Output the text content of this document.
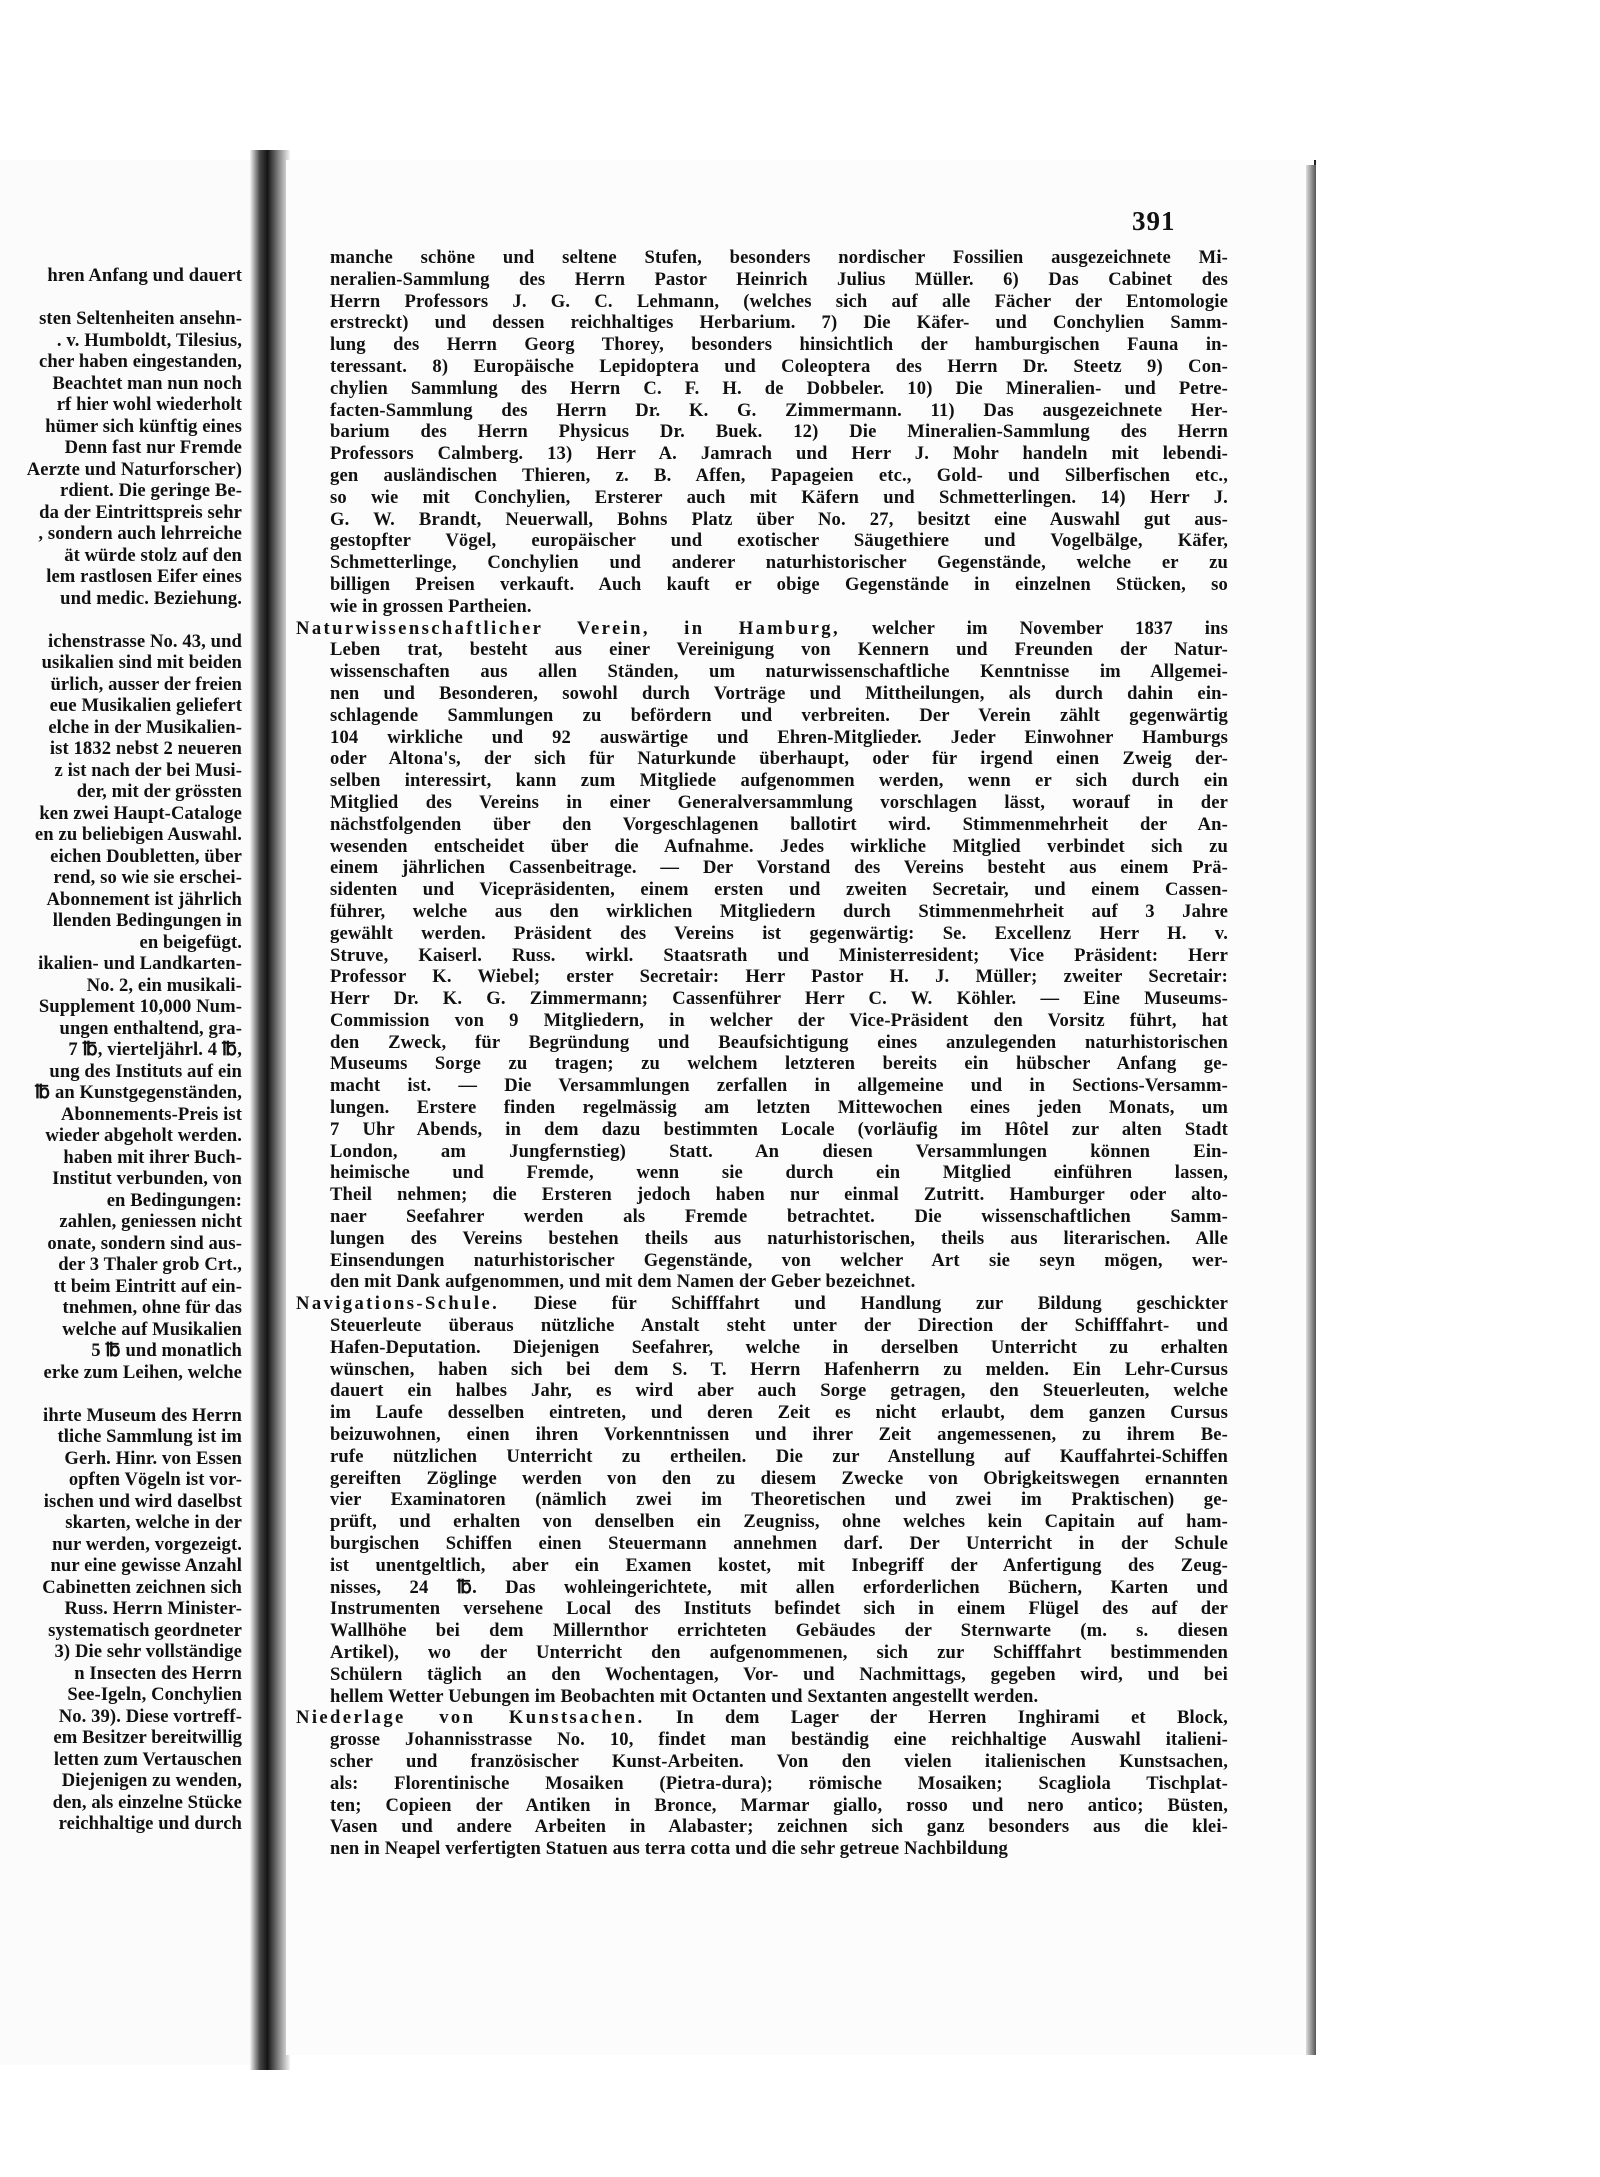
hren Anfang und dauert

sten Seltenheiten ansehn-
. v. Humboldt, Tilesius,
cher haben eingestanden,
Beachtet man nun noch
rf hier wohl wiederholt
hümer sich künftig eines
Denn fast nur Fremde
Aerzte und Naturforscher)
rdient. Die geringe Be-
da der Eintrittspreis sehr
, sondern auch lehrreiche
ät würde stolz auf den
lem rastlosen Eifer eines
und medic. Beziehung.

ichenstrasse No. 43, und
usikalien sind mit beiden
ürlich, ausser der freien
eue Musikalien geliefert
elche in der Musikalien-
ist 1832 nebst 2 neueren
z ist nach der bei Musi-
der, mit der grössten
ken zwei Haupt-Cataloge
en zu beliebigen Auswahl.
eichen Doubletten, über
rend, so wie sie erschei-
Abonnement ist jährlich
llenden Bedingungen in
en beigefügt.
ikalien- und Landkarten-
No. 2, ein musikali-
Supplement 10,000 Num-
ungen enthaltend, gra-
7 ℔, vierteljährl. 4 ℔,
ung des Instituts auf ein
℔ an Kunstgegenständen,
Abonnements-Preis ist
wieder abgeholt werden.
haben mit ihrer Buch-
Institut verbunden, von
en Bedingungen:
zahlen, geniessen nicht
onate, sondern sind aus-
der 3 Thaler grob Crt.,
tt beim Eintritt auf ein-
tnehmen, ohne für das
welche auf Musikalien
5 ℔ und monatlich
erke zum Leihen, welche

ihrte Museum des Herrn
tliche Sammlung ist im
Gerh. Hinr. von Essen
opften Vögeln ist vor-
ischen und wird daselbst
skarten, welche in der
nur werden, vorgezeigt.
nur eine gewisse Anzahl
Cabinetten zeichnen sich
Russ. Herrn Minister-
systematisch geordneter
3) Die sehr vollständige
n Insecten des Herrn
See-Igeln, Conchylien
No. 39). Diese vortreff-
em Besitzer bereitwillig
letten zum Vertauschen
Diejenigen zu wenden,
den, als einzelne Stücke
reichhaltige und durch
391
manche schöne und seltene Stufen, besonders nordischer Fossilien ausgezeichnete Mi-
neralien-Sammlung des Herrn Pastor Heinrich Julius Müller. 6) Das Cabinet des
Herrn Professors J. G. C. Lehmann, (welches sich auf alle Fächer der Entomologie
erstreckt) und dessen reichhaltiges Herbarium. 7) Die Käfer- und Conchylien Samm-
lung des Herrn Georg Thorey, besonders hinsichtlich der hamburgischen Fauna in-
teressant. 8) Europäische Lepidoptera und Coleoptera des Herrn Dr. Steetz 9) Con-
chylien Sammlung des Herrn C. F. H. de Dobbeler. 10) Die Mineralien- und Petre-
facten-Sammlung des Herrn Dr. K. G. Zimmermann. 11) Das ausgezeichnete Her-
barium des Herrn Physicus Dr. Buek. 12) Die Mineralien-Sammlung des Herrn
Professors Calmberg. 13) Herr A. Jamrach und Herr J. Mohr handeln mit lebendi-
gen ausländischen Thieren, z. B. Affen, Papageien etc., Gold- und Silberfischen etc.,
so wie mit Conchylien, Ersterer auch mit Käfern und Schmetterlingen. 14) Herr J.
G. W. Brandt, Neuerwall, Bohns Platz über No. 27, besitzt eine Auswahl gut aus-
gestopfter Vögel, europäischer und exotischer Säugethiere und Vogelbälge, Käfer,
Schmetterlinge, Conchylien und anderer naturhistorischer Gegenstände, welche er zu
billigen Preisen verkauft. Auch kauft er obige Gegenstände in einzelnen Stücken, so
wie in grossen Partheien.
Naturwissenschaftlicher Verein, in Hamburg, welcher im November 1837 ins
Leben trat, besteht aus einer Vereinigung von Kennern und Freunden der Natur-
wissenschaften aus allen Ständen, um naturwissenschaftliche Kenntnisse im Allgemei-
nen und Besonderen, sowohl durch Vorträge und Mittheilungen, als durch dahin ein-
schlagende Sammlungen zu befördern und verbreiten. Der Verein zählt gegenwärtig
104 wirkliche und 92 auswärtige und Ehren-Mitglieder. Jeder Einwohner Hamburgs
oder Altona's, der sich für Naturkunde überhaupt, oder für irgend einen Zweig der-
selben interessirt, kann zum Mitgliede aufgenommen werden, wenn er sich durch ein
Mitglied des Vereins in einer Generalversammlung vorschlagen lässt, worauf in der
nächstfolgenden über den Vorgeschlagenen ballotirt wird. Stimmenmehrheit der An-
wesenden entscheidet über die Aufnahme. Jedes wirkliche Mitglied verbindet sich zu
einem jährlichen Cassenbeitrage. — Der Vorstand des Vereins besteht aus einem Prä-
sidenten und Vicepräsidenten, einem ersten und zweiten Secretair, und einem Cassen-
führer, welche aus den wirklichen Mitgliedern durch Stimmenmehrheit auf 3 Jahre
gewählt werden. Präsident des Vereins ist gegenwärtig: Se. Excellenz Herr H. v.
Struve, Kaiserl. Russ. wirkl. Staatsrath und Ministerresident; Vice Präsident: Herr
Professor K. Wiebel; erster Secretair: Herr Pastor H. J. Müller; zweiter Secretair:
Herr Dr. K. G. Zimmermann; Cassenführer Herr C. W. Köhler. — Eine Museums-
Commission von 9 Mitgliedern, in welcher der Vice-Präsident den Vorsitz führt, hat
den Zweck, für Begründung und Beaufsichtigung eines anzulegenden naturhistorischen
Museums Sorge zu tragen; zu welchem letzteren bereits ein hübscher Anfang ge-
macht ist. — Die Versammlungen zerfallen in allgemeine und in Sections-Versamm-
lungen. Erstere finden regelmässig am letzten Mittewochen eines jeden Monats, um
7 Uhr Abends, in dem dazu bestimmten Locale (vorläufig im Hôtel zur alten Stadt
London, am Jungfernstieg) Statt. An diesen Versammlungen können Ein-
heimische und Fremde, wenn sie durch ein Mitglied einführen lassen,
Theil nehmen; die Ersteren jedoch haben nur einmal Zutritt. Hamburger oder alto-
naer Seefahrer werden als Fremde betrachtet. Die wissenschaftlichen Samm-
lungen des Vereins bestehen theils aus naturhistorischen, theils aus literarischen. Alle
Einsendungen naturhistorischer Gegenstände, von welcher Art sie seyn mögen, wer-
den mit Dank aufgenommen, und mit dem Namen der Geber bezeichnet.
Navigations-Schule. Diese für Schifffahrt und Handlung zur Bildung geschickter
Steuerleute überaus nützliche Anstalt steht unter der Direction der Schifffahrt- und
Hafen-Deputation. Diejenigen Seefahrer, welche in derselben Unterricht zu erhalten
wünschen, haben sich bei dem S. T. Herrn Hafenherrn zu melden. Ein Lehr-Cursus
dauert ein halbes Jahr, es wird aber auch Sorge getragen, den Steuerleuten, welche
im Laufe desselben eintreten, und deren Zeit es nicht erlaubt, dem ganzen Cursus
beizuwohnen, einen ihren Vorkenntnissen und ihrer Zeit angemessenen, zu ihrem Be-
rufe nützlichen Unterricht zu ertheilen. Die zur Anstellung auf Kauffahrtei-Schiffen
gereiften Zöglinge werden von den zu diesem Zwecke von Obrigkeitswegen ernannten
vier Examinatoren (nämlich zwei im Theoretischen und zwei im Praktischen) ge-
prüft, und erhalten von denselben ein Zeugniss, ohne welches kein Capitain auf ham-
burgischen Schiffen einen Steuermann annehmen darf. Der Unterricht in der Schule
ist unentgeltlich, aber ein Examen kostet, mit Inbegriff der Anfertigung des Zeug-
nisses, 24 ℔. Das wohleingerichtete, mit allen erforderlichen Büchern, Karten und
Instrumenten versehene Local des Instituts befindet sich in einem Flügel des auf der
Wallhöhe bei dem Millernthor errichteten Gebäudes der Sternwarte (m. s. diesen
Artikel), wo der Unterricht den aufgenommenen, sich zur Schifffahrt bestimmenden
Schülern täglich an den Wochentagen, Vor- und Nachmittags, gegeben wird, und bei
hellem Wetter Uebungen im Beobachten mit Octanten und Sextanten angestellt werden.
Niederlage von Kunstsachen. In dem Lager der Herren Inghirami et Block,
grosse Johannisstrasse No. 10, findet man beständig eine reichhaltige Auswahl italieni-
scher und französischer Kunst-Arbeiten. Von den vielen italienischen Kunstsachen,
als: Florentinische Mosaiken (Pietra-dura); römische Mosaiken; Scagliola Tischplat-
ten; Copieen der Antiken in Bronce, Marmar giallo, rosso und nero antico; Büsten,
Vasen und andere Arbeiten in Alabaster; zeichnen sich ganz besonders aus die klei-
nen in Neapel verfertigten Statuen aus terra cotta und die sehr getreue Nachbildung
